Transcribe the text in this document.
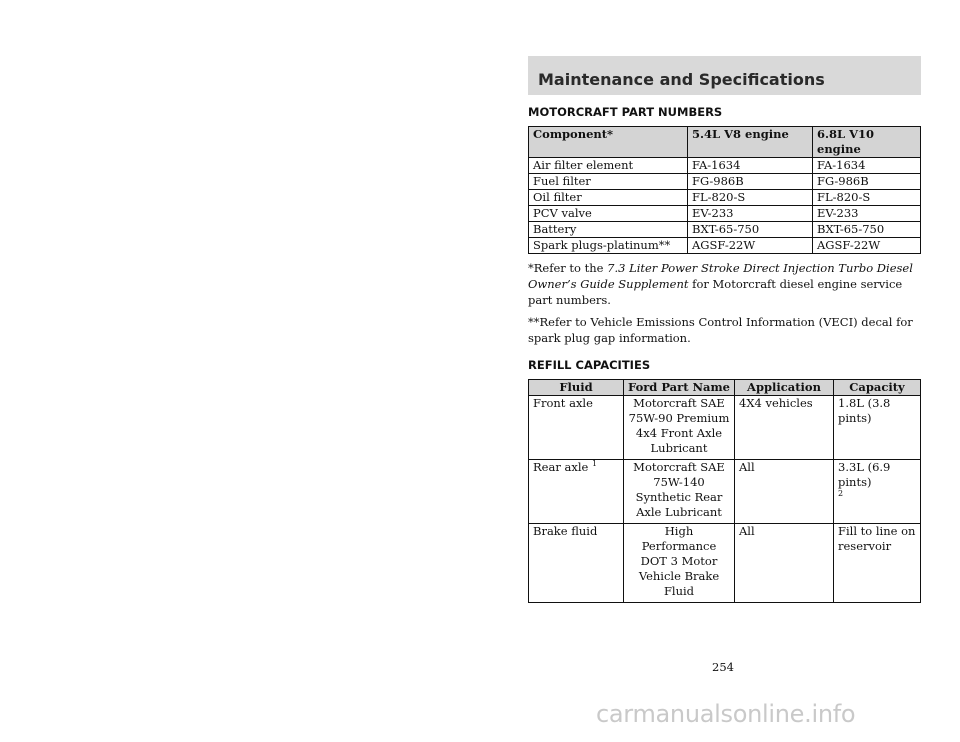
Maintenance and Specifications
MOTORCRAFT PART NUMBERS
Component*	5.4L V8 engine	6.8L V10 engine
Air filter element	FA-1634	FA-1634
Fuel filter	FG-986B	FG-986B
Oil filter	FL-820-S	FL-820-S
PCV valve	EV-233	EV-233
Battery	BXT-65-750	BXT-65-750
Spark plugs-platinum**	AGSF-22W	AGSF-22W

*Refer to the 7.3 Liter Power Stroke Direct Injection Turbo Diesel Owner’s Guide Supplement for Motorcraft diesel engine service part numbers.

**Refer to Vehicle Emissions Control Information (VECI) decal for spark plug gap information.

REFILL CAPACITIES
Fluid	Ford Part Name	Application	Capacity
Front axle	Motorcraft SAE 75W-90 Premium 4x4 Front Axle Lubricant	4X4 vehicles	1.8L (3.8 pints)
Rear axle $^1$	Motorcraft SAE 75W-140 Synthetic Rear Axle Lubricant	All	3.3L (6.9 pints)
$^2$
Brake fluid	High Performance DOT 3 Motor Vehicle Brake Fluid	All	Fill to line on reservoir
254
carmanualsonline.info
